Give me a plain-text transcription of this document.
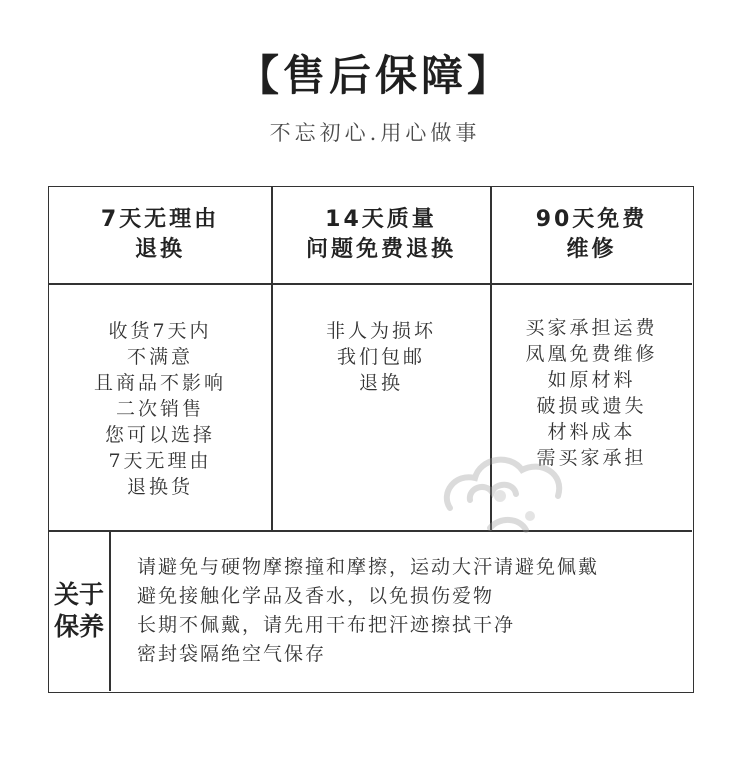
【售后保障】
不忘初心.用心做事
7天无理由
退换
14天质量
问题免费退换
90天免费
维修
收货7天内
不满意
且商品不影响
二次销售
您可以选择
7天无理由
退换货
非人为损坏
我们包邮
退换
买家承担运费
凤凰免费维修
如原材料
破损或遗失
材料成本
需买家承担
关于
保养
请避免与硬物摩擦撞和摩擦，运动大汗请避免佩戴
避免接触化学品及香水，以免损伤爱物
长期不佩戴，请先用干布把汗迹擦拭干净
密封袋隔绝空气保存
